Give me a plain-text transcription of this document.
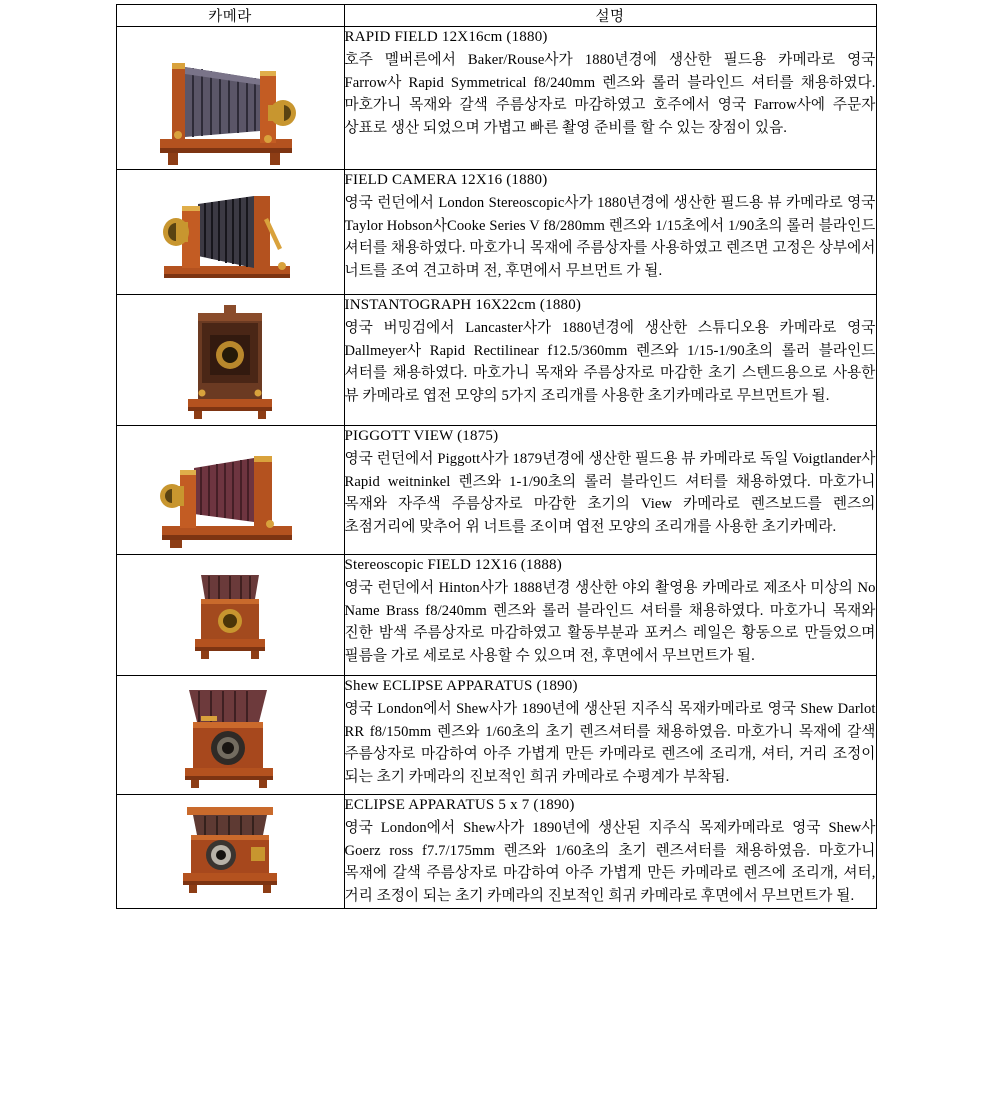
카메라	설명

RAPID FIELD 12X16cm (1880)
호주 멜버른에서 Baker/Rouse사가 1880년경에 생산한 필드용 카메라로 영국 Farrow사 Rapid Symmetrical f8/240mm 렌즈와 롤러 블라인드 셔터를 채용하였다. 마호가니 목재와 갈색 주름상자로 마감하였고 호주에서 영국 Farrow사에 주문자 상표로 생산 되었으며 가볍고 빠른 촬영 준비를 할 수 있는 장점이 있음.

FIELD CAMERA 12X16 (1880)
영국 런던에서 London Stereoscopic사가 1880년경에 생산한 필드용 뷰 카메라로 영국 Taylor Hobson사Cooke Series V f8/280mm 렌즈와 1/15초에서 1/90초의 롤러 블라인드 셔터를 채용하였다. 마호가니 목재에 주름상자를 사용하였고 렌즈면 고정은 상부에서 너트를 조여 견고하며 전, 후면에서 무브먼트 가 될.

INSTANTOGRAPH 16X22cm (1880)
영국 버밍검에서 Lancaster사가 1880년경에 생산한 스튜디오용 카메라로 영국 Dallmeyer사 Rapid Rectilinear f12.5/360mm 렌즈와 1/15-1/90초의 롤러 블라인드 셔터를 채용하였다. 마호가니 목재와 주름상자로 마감한 초기 스텐드용으로 사용한 뷰 카메라로 엽전 모양의 5가지 조리개를 사용한 초기카메라로 무브먼트가 될.

PIGGOTT VIEW (1875)
영국 런던에서 Piggott사가 1879년경에 생산한 필드용 뷰 카메라로 독일 Voigtlander사 Rapid weitninkel 렌즈와 1-1/90초의 롤러 블라인드 셔터를 채용하였다. 마호가니 목재와 자주색 주름상자로 마감한 초기의 View 카메라로 렌즈보드를 렌즈의 초점거리에 맞추어 위 너트를 조이며 엽전 모양의 조리개를 사용한 초기카메라.

Stereoscopic FIELD 12X16 (1888)
영국 런던에서 Hinton사가 1888년경 생산한 야외 촬영용 카메라로 제조사 미상의 No Name Brass f8/240mm 렌즈와 롤러 블라인드 셔터를 채용하였다. 마호가니 목재와 진한 밤색 주름상자로 마감하였고 활동부분과 포커스 레일은 황동으로 만들었으며 필름을 가로 세로로 사용할 수 있으며 전, 후면에서 무브먼트가 될.

Shew ECLIPSE APPARATUS (1890)
영국 London에서 Shew사가 1890년에 생산된 지주식 목재카메라로 영국 Shew Darlot RR f8/150mm 렌즈와 1/60초의 초기 렌즈셔터를 채용하였음. 마호가니 목재에 갈색 주름상자로 마감하여 아주 가볍게 만든 카메라로 렌즈에 조리개, 셔터, 거리 조정이 되는 초기 카메라의 진보적인 희귀 카메라로 수평계가 부착됨.

ECLIPSE APPARATUS 5 x 7 (1890)
영국 London에서 Shew사가 1890년에 생산된 지주식 목제카메라로 영국 Shew사 Goerz ross f7.7/175mm 렌즈와 1/60초의 초기 렌즈셔터를 채용하였음. 마호가니 목재에 갈색 주름상자로 마감하여 아주 가볍게 만든 카메라로 렌즈에 조리개, 셔터, 거리 조정이 되는 초기 카메라의 진보적인 희귀 카메라로 후면에서 무브먼트가 될.
